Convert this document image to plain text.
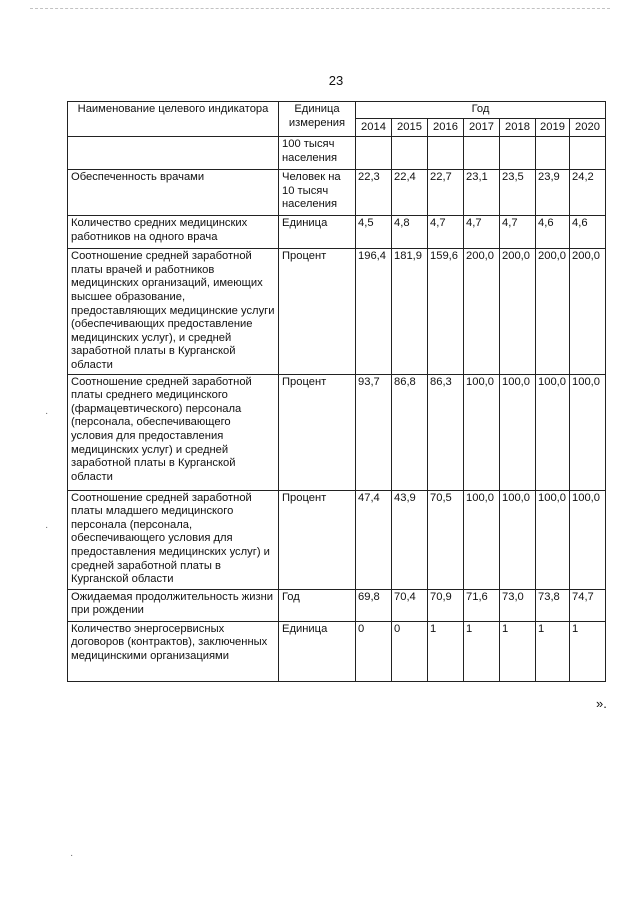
·
·
·
23
Наименование целевого индикатора	Единица измерения	Год						
		2014	2015	2016	2017	2018	2019	2020
	100 тысяч населения							
Обеспеченность врачами	Человек на 10 тысяч населения	22,3	22,4	22,7	23,1	23,5	23,9	24,2
Количество средних медицинских работников на одного врача	Единица	4,5	4,8	4,7	4,7	4,7	4,6	4,6
Соотношение средней заработной платы врачей и работников медицинских организаций, имеющих высшее образование, предоставляющих медицинские услуги (обеспечивающих предоставление медицинских услуг), и средней заработной платы в Курганской области	Процент	196,4	181,9	159,6	200,0	200,0	200,0	200,0
Соотношение средней заработной платы среднего медицинского (фармацевтического) персонала (персонала, обеспечивающего условия для предоставления медицинских услуг) и средней заработной платы в Курганской области	Процент	93,7	86,8	86,3	100,0	100,0	100,0	100,0
Соотношение средней заработной платы младшего медицинского персонала (персонала, обеспечивающего условия для предоставления медицинских услуг) и средней заработной платы в Курганской области	Процент	47,4	43,9	70,5	100,0	100,0	100,0	100,0
Ожидаемая продолжительность жизни при рождении	Год	69,8	70,4	70,9	71,6	73,0	73,8	74,7
Количество энергосервисных договоров (контрактов), заключенных медицинскими организациями	Единица	0	0	1	1	1	1	1
».
